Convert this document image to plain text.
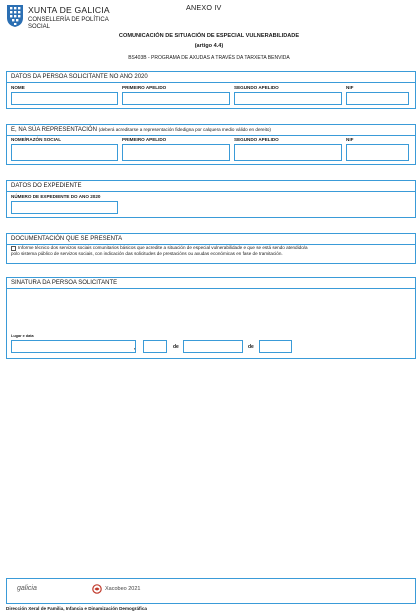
XUNTA DE GALICIA
CONSELLERÍA DE POLÍTICA
SOCIAL
ANEXO IV
COMUNICACIÓN DE SITUACIÓN DE ESPECIAL VULNERABILIDADE
(artigo 4.4)
BS403B - PROGRAMA DE AXUDAS A TRAVÉS DA TARXETA BENVIDA
DATOS DA PERSOA SOLICITANTE NO ANO 2020
NOME	PRIMEIRO APELIDO	SEGUNDO APELIDO	NIF
E, NA SÚA REPRESENTACIÓN (deberá acreditarse a representación fidedigna por calquera medio válido en dereito)
NOME/RAZÓN SOCIAL	PRIMEIRO APELIDO	SEGUNDO APELIDO	NIF
DATOS DO EXPEDIENTE
NÚMERO DE EXPEDIENTE DO ANO 2020
DOCUMENTACIÓN QUE SE PRESENTA
Informe técnico dos servizos sociais comunitarios básicos que acredite a situación de especial vulnerabilidade e que se está sendo atendido/a
polo sistema público de servizos sociais, con indicación das solicitudes de prestacións ou axudas económicas en fase de tramitación.
SINATURA DA PERSOA SOLICITANTE
Lugar e data
,	de	de
galicia	Xacobeo 2021
Dirección Xeral de Familia, Infancia e Dinamización Demográfica
